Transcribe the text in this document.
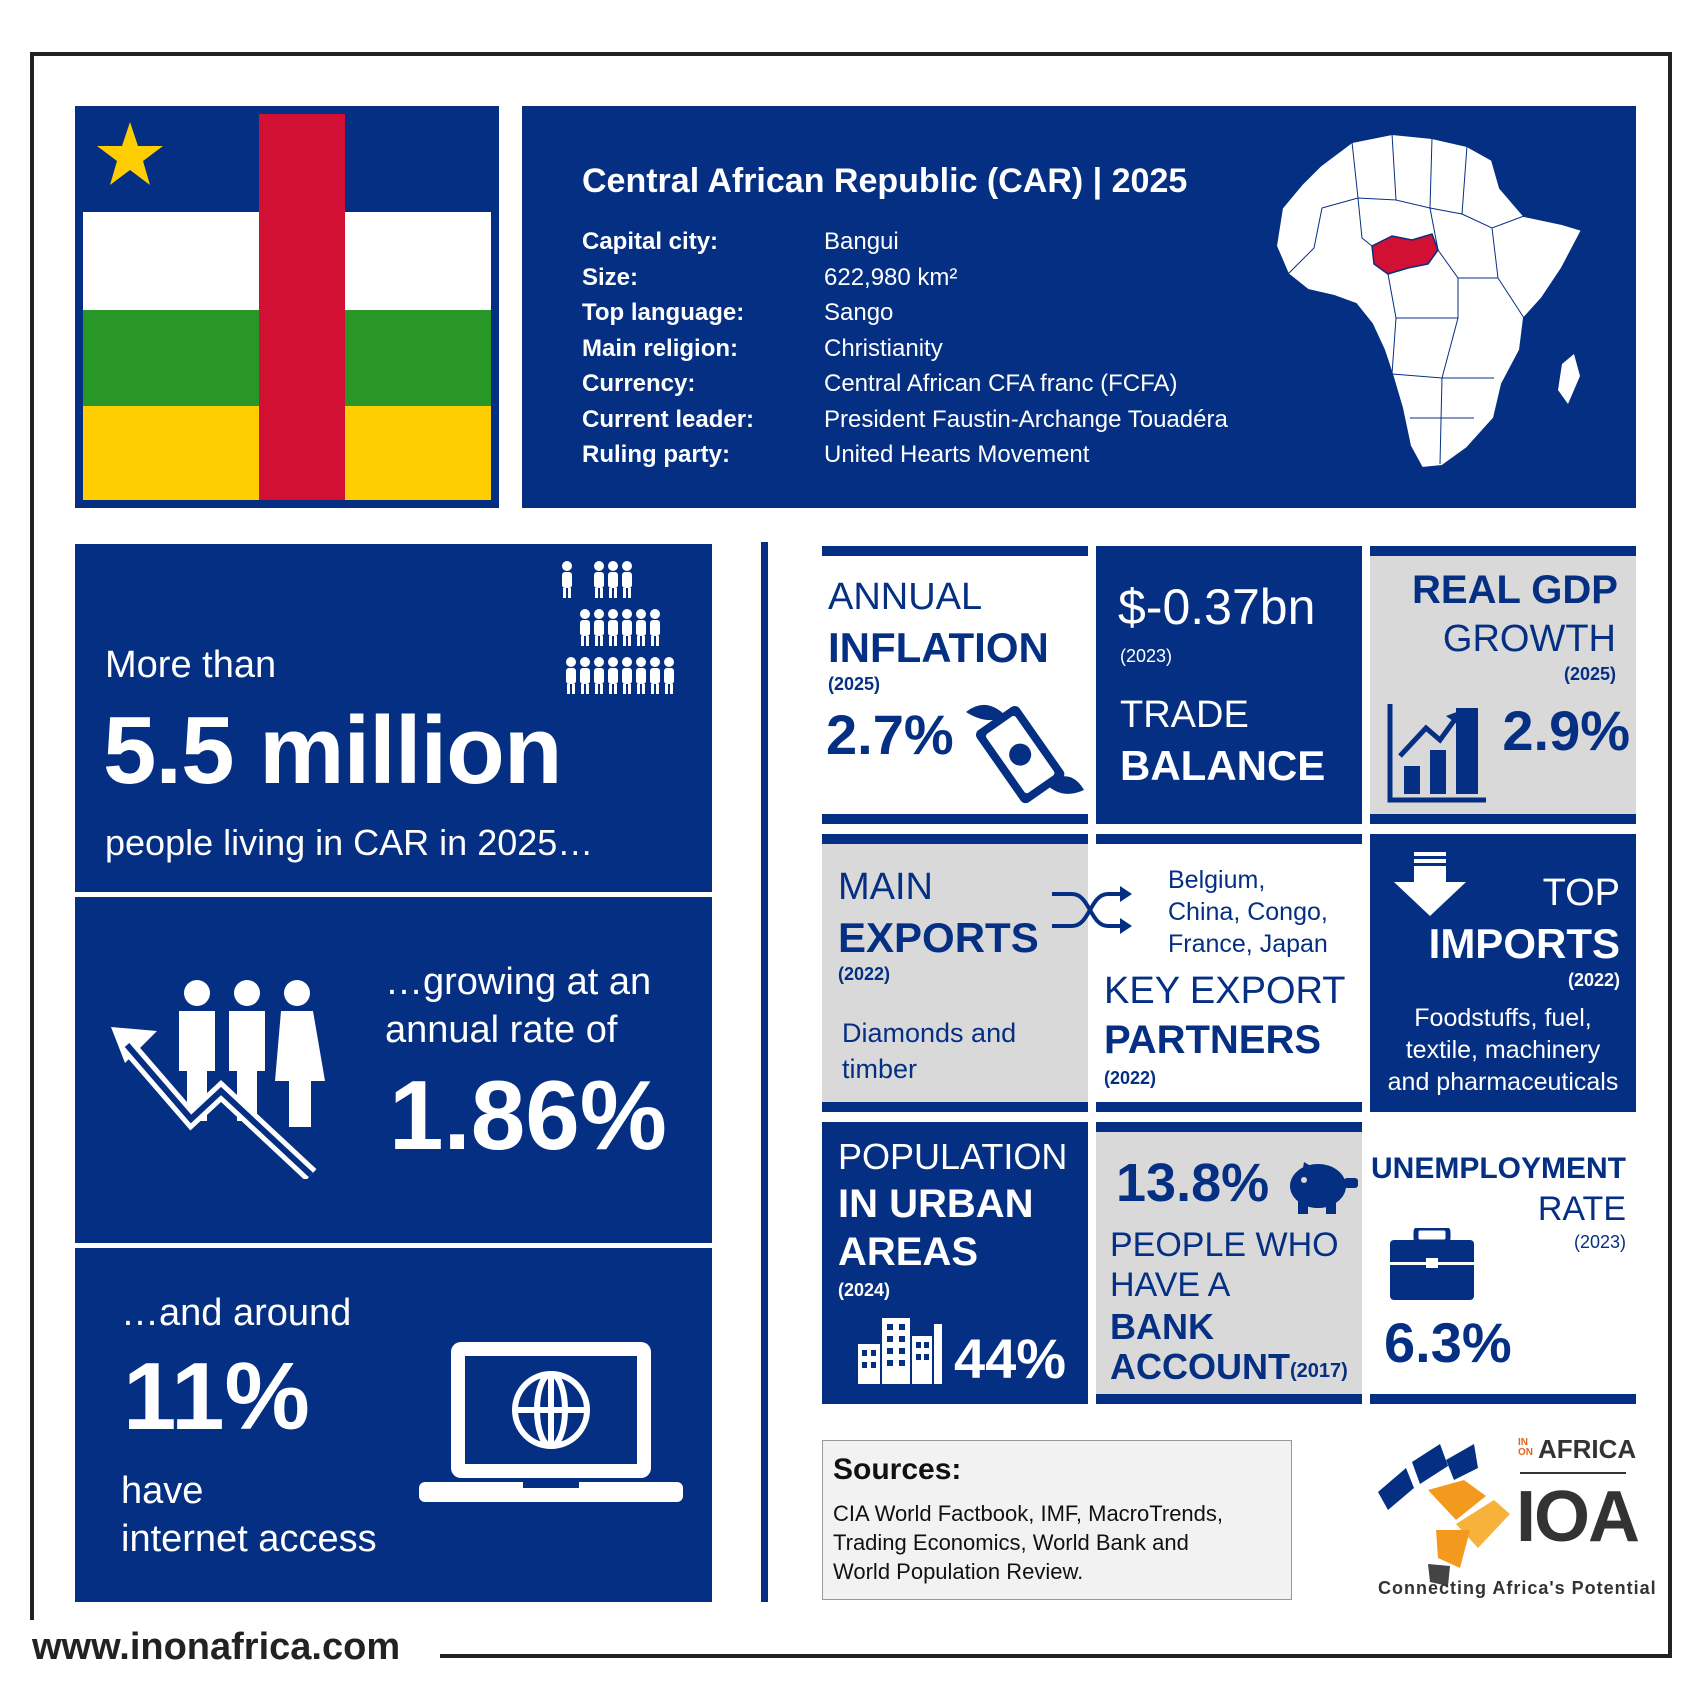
www.inonafrica.com
Central African Republic (CAR) | 2025
Capital city:
Size:
Top language:
Main religion:
Currency:
Current leader:
Ruling party:
Bangui
622,980 km²
Sango
Christianity
Central African CFA franc (FCFA)
President Faustin-Archange Touadéra
United Hearts Movement
More than
5.5 million
people living in CAR in 2025…
…growing at an
annual rate of
1.86%
…and around
11%
have
internet access
ANNUAL
INFLATION
(2025)
2.7%
$-0.37bn
(2023)
TRADE
BALANCE
REAL GDP
GROWTH
(2025)
2.9%
MAIN
EXPORTS
(2022)
Diamonds and
timber
Belgium,
China, Congo,
France, Japan
KEY EXPORT
PARTNERS
(2022)
TOP
IMPORTS
(2022)
Foodstuffs, fuel,
textile, machinery
and pharmaceuticals
POPULATION
IN URBAN
AREAS
(2024)
44%
13.8%
PEOPLE WHO
HAVE A
BANK
ACCOUNT (2017)
UNEMPLOYMENT
RATE
(2023)
6.3%
Sources:
CIA World Factbook, IMF, MacroTrends,
Trading Economics, World Bank and
World Population Review.
IN
ON AFRICA
IOA
Connecting Africa's Potential
